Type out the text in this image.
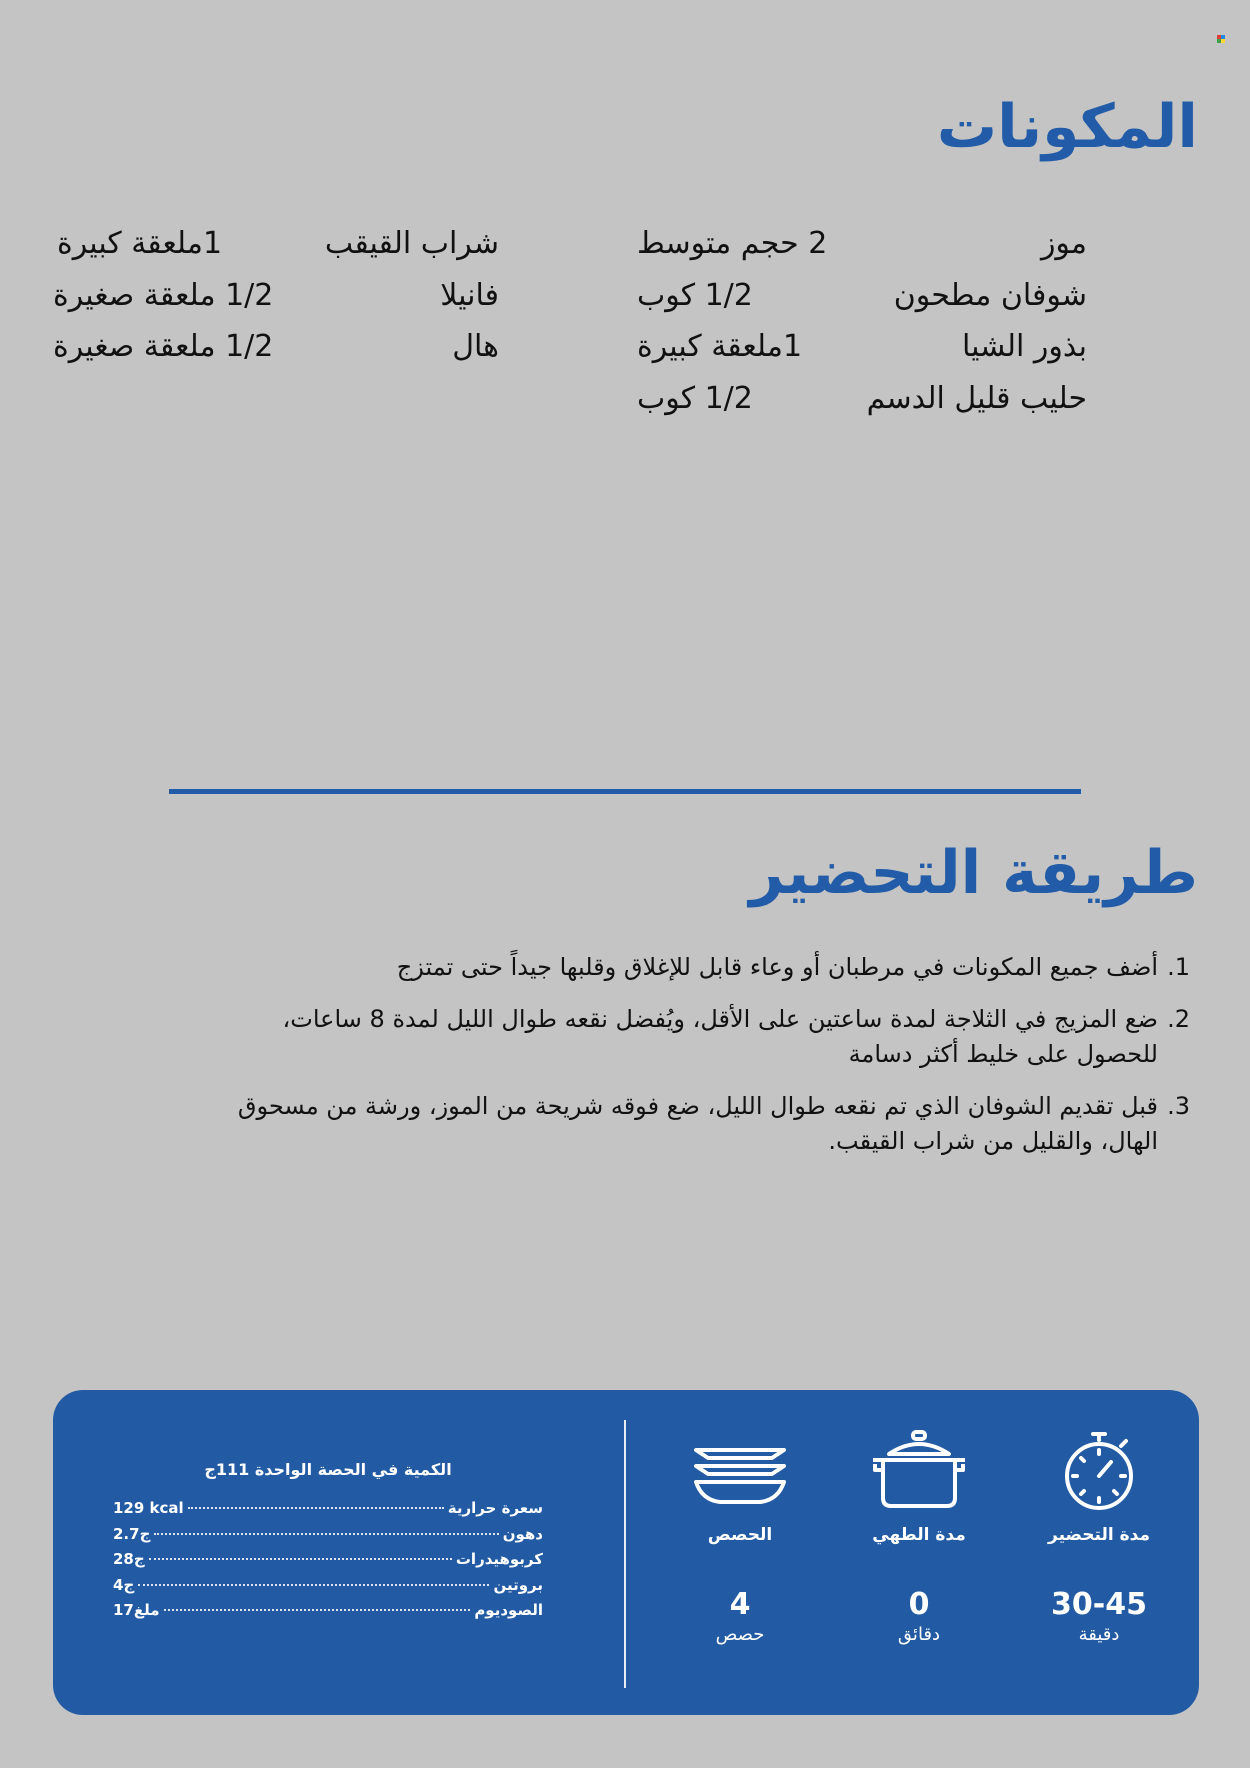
المكونات
موز
2 حجم متوسط
شوفان مطحون
1/2 كوب
بذور الشيا
1ملعقة كبيرة
حليب قليل الدسم
1/2 كوب
شراب القيقب
1ملعقة كبيرة
فانيلا
1/2 ملعقة صغيرة
هال
1/2 ملعقة صغيرة
طريقة التحضير
1.
أضف جميع المكونات في مرطبان أو وعاء قابل للإغلاق وقلبها جيداً حتى تمتزج
2.
ضع المزيج في الثلاجة لمدة ساعتين على الأقل، ويُفضل نقعه طوال الليل لمدة 8 ساعات، للحصول على خليط أكثر دسامة
3.
قبل تقديم الشوفان الذي تم نقعه طوال الليل، ضع فوقه شريحة من الموز، ورشة من مسحوق الهال، والقليل من شراب القيقب.
مدة التحضير
30-45
دقيقة
مدة الطهي
0
دقائق
الحصص
4
حصص
الكمية في الحصة الواحدة 111ج
سعرة حرارية
129 kcal
دهون
2.7ج
كربوهيدرات
28ج
بروتين
4ج
الصوديوم
17ملغ
